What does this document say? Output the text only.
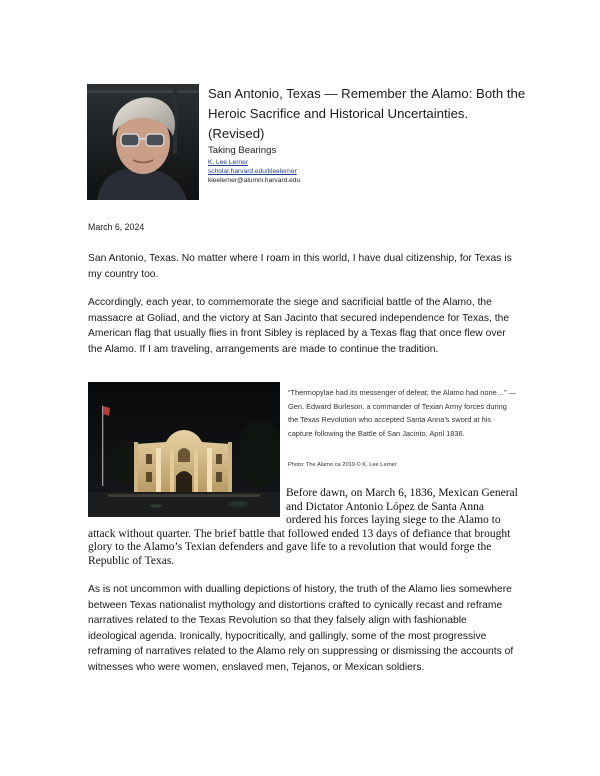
San Antonio, Texas — Remember the Alamo: Both the Heroic Sacrifice and Historical Uncertainties. (Revised)
Taking Bearings
K. Lee Lerner
scholar.harvard.edu/kleelerner
kleelerner@alumni.harvard.edu
March 6, 2024

San Antonio, Texas. No matter where I roam in this world, I have dual citizenship, for Texas is my country too.

Accordingly, each year, to commemorate the siege and sacrificial battle of the Alamo, the massacre at Goliad, and the victory at San Jacinto that secured independence for Texas, the American flag that usually flies in front Sibley is replaced by a Texas flag that once flew over the Alamo. If I am traveling, arrangements are made to continue the tradition.

“Thermopylae had its messenger of defeat; the Alamo had none…” — Gen. Edward Burleson. a commander of Texian Army forces during the Texas Revolution who accepted Santa Anna’s sword at his capture following the Battle of San Jacinto, April 1836.

Photo: The Alamo ca 2019 © K. Lee Lerner

Before dawn, on March 6, 1836, Mexican General and Dictator Antonio López de Santa Anna ordered his forces laying siege to the Alamo to attack without quarter. The brief battle that followed ended 13 days of defiance that brought glory to the Alamo’s Texian defenders and gave life to a revolution that would forge the Republic of Texas.

As is not uncommon with dualling depictions of history, the truth of the Alamo lies somewhere between Texas nationalist mythology and distortions crafted to cynically recast and reframe narratives related to the Texas Revolution so that they falsely align with fashionable ideological agenda. Ironically, hypocritically, and gallingly, some of the most progressive reframing of narratives related to the Alamo rely on suppressing or dismissing the accounts of witnesses who were women, enslaved men, Tejanos, or Mexican soldiers.
